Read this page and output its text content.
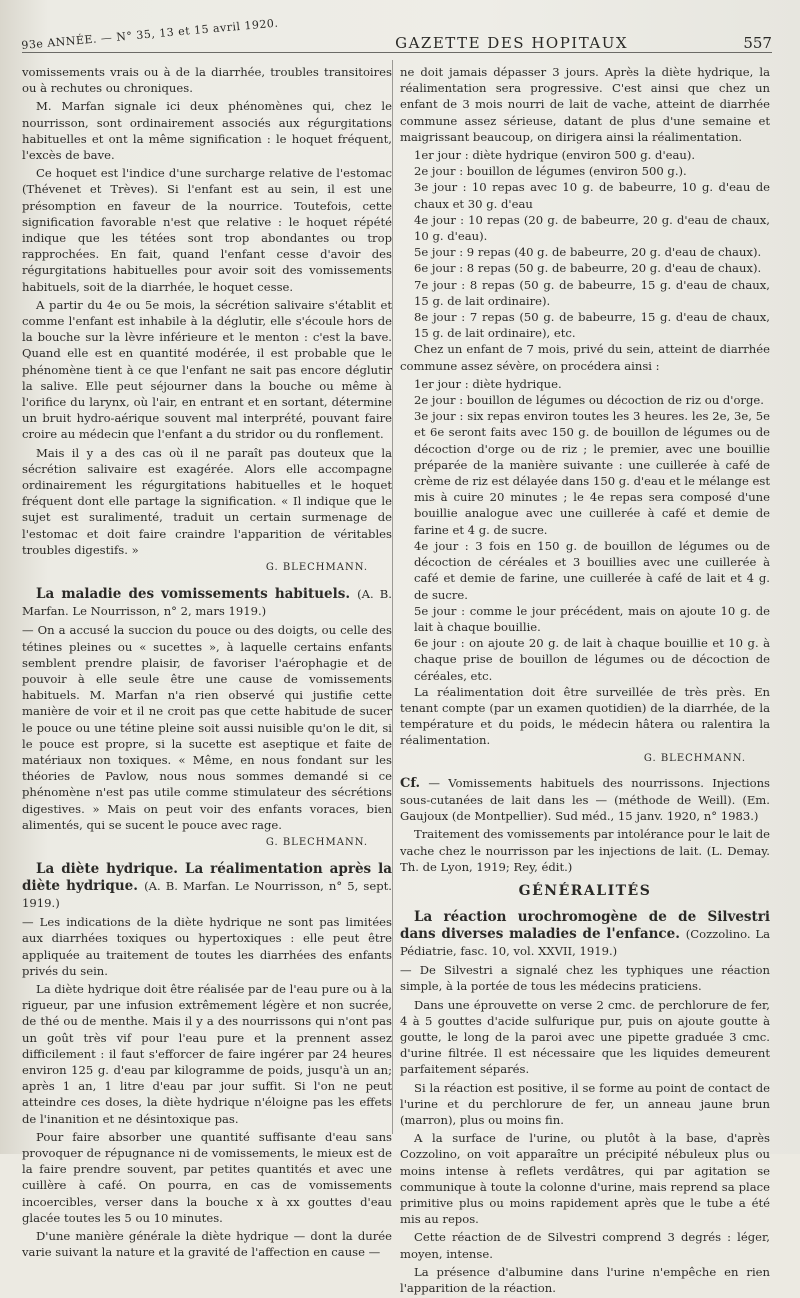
93e ANNÉE. — N° 35, 13 et 15 avril 1920.	GAZETTE DES HOPITAUX	557

vomissements vrais ou à de la diarrhée, troubles transitoires ou à rechutes ou chroniques.

M. Marfan signale ici deux phénomènes qui, chez le nourrisson, sont ordinairement associés aux régurgitations habituelles et ont la même signification : le hoquet fréquent, l'excès de bave.

Ce hoquet est l'indice d'une surcharge relative de l'estomac (Thévenet et Trèves). Si l'enfant est au sein, il est une présomption en faveur de la nourrice. Toutefois, cette signification favorable n'est que relative : le hoquet répété indique que les tétées sont trop abondantes ou trop rapprochées. En fait, quand l'enfant cesse d'avoir des régurgitations habituelles pour avoir soit des vomissements habituels, soit de la diarrhée, le hoquet cesse.

A partir du 4e ou 5e mois, la sécrétion salivaire s'établit et comme l'enfant est inhabile à la déglutir, elle s'écoule hors de la bouche sur la lèvre inférieure et le menton : c'est la bave. Quand elle est en quantité modérée, il est probable que le phénomène tient à ce que l'enfant ne sait pas encore déglutir la salive. Elle peut séjourner dans la bouche ou même à l'orifice du larynx, où l'air, en entrant et en sortant, détermine un bruit hydro-aérique souvent mal interprété, pouvant faire croire au médecin que l'enfant a du stridor ou du ronflement.

Mais il y a des cas où il ne paraît pas douteux que la sécrétion salivaire est exagérée. Alors elle accompagne ordinairement les régurgitations habituelles et le hoquet fréquent dont elle partage la signification. « Il indique que le sujet est suralimenté, traduit un certain surmenage de l'estomac et doit faire craindre l'apparition de véritables troubles digestifs. »

G. BLECHMANN.

La maladie des vomissements habituels. (A. B. Marfan. Le Nourrisson, n° 2, mars 1919.)

— On a accusé la succion du pouce ou des doigts, ou celle des tétines pleines ou « sucettes », à laquelle certains enfants semblent prendre plaisir, de favoriser l'aérophagie et de pouvoir à elle seule être une cause de vomissements habituels. M. Marfan n'a rien observé qui justifie cette manière de voir et il ne croit pas que cette habitude de sucer le pouce ou une tétine pleine soit aussi nuisible qu'on le dit, si le pouce est propre, si la sucette est aseptique et faite de matériaux non toxiques. « Même, en nous fondant sur les théories de Pavlow, nous nous sommes demandé si ce phénomène n'est pas utile comme stimulateur des sécrétions digestives. » Mais on peut voir des enfants voraces, bien alimentés, qui se sucent le pouce avec rage.

G. BLECHMANN.

La diète hydrique. La réalimentation après la diète hydrique. (A. B. Marfan. Le Nourrisson, n° 5, sept. 1919.)

— Les indications de la diète hydrique ne sont pas limitées aux diarrhées toxiques ou hypertoxiques : elle peut être appliquée au traitement de toutes les diarrhées des enfants privés du sein.

La diète hydrique doit être réalisée par de l'eau pure ou à la rigueur, par une infusion extrêmement légère et non sucrée, de thé ou de menthe. Mais il y a des nourrissons qui n'ont pas un goût très vif pour l'eau pure et la prennent assez difficilement : il faut s'efforcer de faire ingérer par 24 heures environ 125 g. d'eau par kilogramme de poids, jusqu'à un an; après 1 an, 1 litre d'eau par jour suffit. Si l'on ne peut atteindre ces doses, la diète hydrique n'éloigne pas les effets de l'inanition et ne désintoxique pas.

Pour faire absorber une quantité suffisante d'eau sans provoquer de répugnance ni de vomissements, le mieux est de la faire prendre souvent, par petites quantités et avec une cuillère à café. On pourra, en cas de vomissements incoercibles, verser dans la bouche x à xx gouttes d'eau glacée toutes les 5 ou 10 minutes.

D'une manière générale la diète hydrique — dont la durée varie suivant la nature et la gravité de l'affection en cause —

ne doit jamais dépasser 3 jours. Après la diète hydrique, la réalimentation sera progressive. C'est ainsi que chez un enfant de 3 mois nourri de lait de vache, atteint de diarrhée commune assez sérieuse, datant de plus d'une semaine et maigrissant beaucoup, on dirigera ainsi la réalimentation.

1er jour : diète hydrique (environ 500 g. d'eau).

2e jour : bouillon de légumes (environ 500 g.).

3e jour : 10 repas avec 10 g. de babeurre, 10 g. d'eau de chaux et 30 g. d'eau

4e jour : 10 repas (20 g. de babeurre, 20 g. d'eau de chaux, 10 g. d'eau).

5e jour : 9 repas (40 g. de babeurre, 20 g. d'eau de chaux).

6e jour : 8 repas (50 g. de babeurre, 20 g. d'eau de chaux).

7e jour : 8 repas (50 g. de babeurre, 15 g. d'eau de chaux, 15 g. de lait ordinaire).

8e jour : 7 repas (50 g. de babeurre, 15 g. d'eau de chaux, 15 g. de lait ordinaire), etc.

Chez un enfant de 7 mois, privé du sein, atteint de diarrhée commune assez sévère, on procédera ainsi :

1er jour : diète hydrique.

2e jour : bouillon de légumes ou décoction de riz ou d'orge.

3e jour : six repas environ toutes les 3 heures. les 2e, 3e, 5e et 6e seront faits avec 150 g. de bouillon de légumes ou de décoction d'orge ou de riz ; le premier, avec une bouillie préparée de la manière suivante : une cuillerée à café de crème de riz est délayée dans 150 g. d'eau et le mélange est mis à cuire 20 minutes ; le 4e repas sera composé d'une bouillie analogue avec une cuillerée à café et demie de farine et 4 g. de sucre.

4e jour : 3 fois en 150 g. de bouillon de légumes ou de décoction de céréales et 3 bouillies avec une cuillerée à café et demie de farine, une cuillerée à café de lait et 4 g. de sucre.

5e jour : comme le jour précédent, mais on ajoute 10 g. de lait à chaque bouillie.

6e jour : on ajoute 20 g. de lait à chaque bouillie et 10 g. à chaque prise de bouillon de légumes ou de décoction de céréales, etc.

La réalimentation doit être surveillée de très près. En tenant compte (par un examen quotidien) de la diarrhée, de la température et du poids, le médecin hâtera ou ralentira la réalimentation.

G. BLECHMANN.

Cf. — Vomissements habituels des nourrissons. Injections sous-cutanées de lait dans les — (méthode de Weill). (Em. Gaujoux (de Montpellier). Sud méd., 15 janv. 1920, n° 1983.)

Traitement des vomissements par intolérance pour le lait de vache chez le nourrisson par les injections de lait. (L. Demay. Th. de Lyon, 1919; Rey, édit.)

GÉNÉRALITÉS
La réaction urochromogène de de Silvestri dans diverses maladies de l'enfance. (Cozzolino. La Pédiatrie, fasc. 10, vol. XXVII, 1919.)

— De Silvestri a signalé chez les typhiques une réaction simple, à la portée de tous les médecins praticiens.

Dans une éprouvette on verse 2 cmc. de perchlorure de fer, 4 à 5 gouttes d'acide sulfurique pur, puis on ajoute goutte à goutte, le long de la paroi avec une pipette graduée 3 cmc. d'urine filtrée. Il est nécessaire que les liquides demeurent parfaitement séparés.

Si la réaction est positive, il se forme au point de contact de l'urine et du perchlorure de fer, un anneau jaune brun (marron), plus ou moins fin.

A la surface de l'urine, ou plutôt à la base, d'après Cozzolino, on voit apparaître un précipité nébuleux plus ou moins intense à reflets verdâtres, qui par agitation se communique à toute la colonne d'urine, mais reprend sa place primitive plus ou moins rapidement après que le tube a été mis au repos.

Cette réaction de de Silvestri comprend 3 degrés : léger, moyen, intense.

La présence d'albumine dans l'urine n'empêche en rien l'apparition de la réaction.
